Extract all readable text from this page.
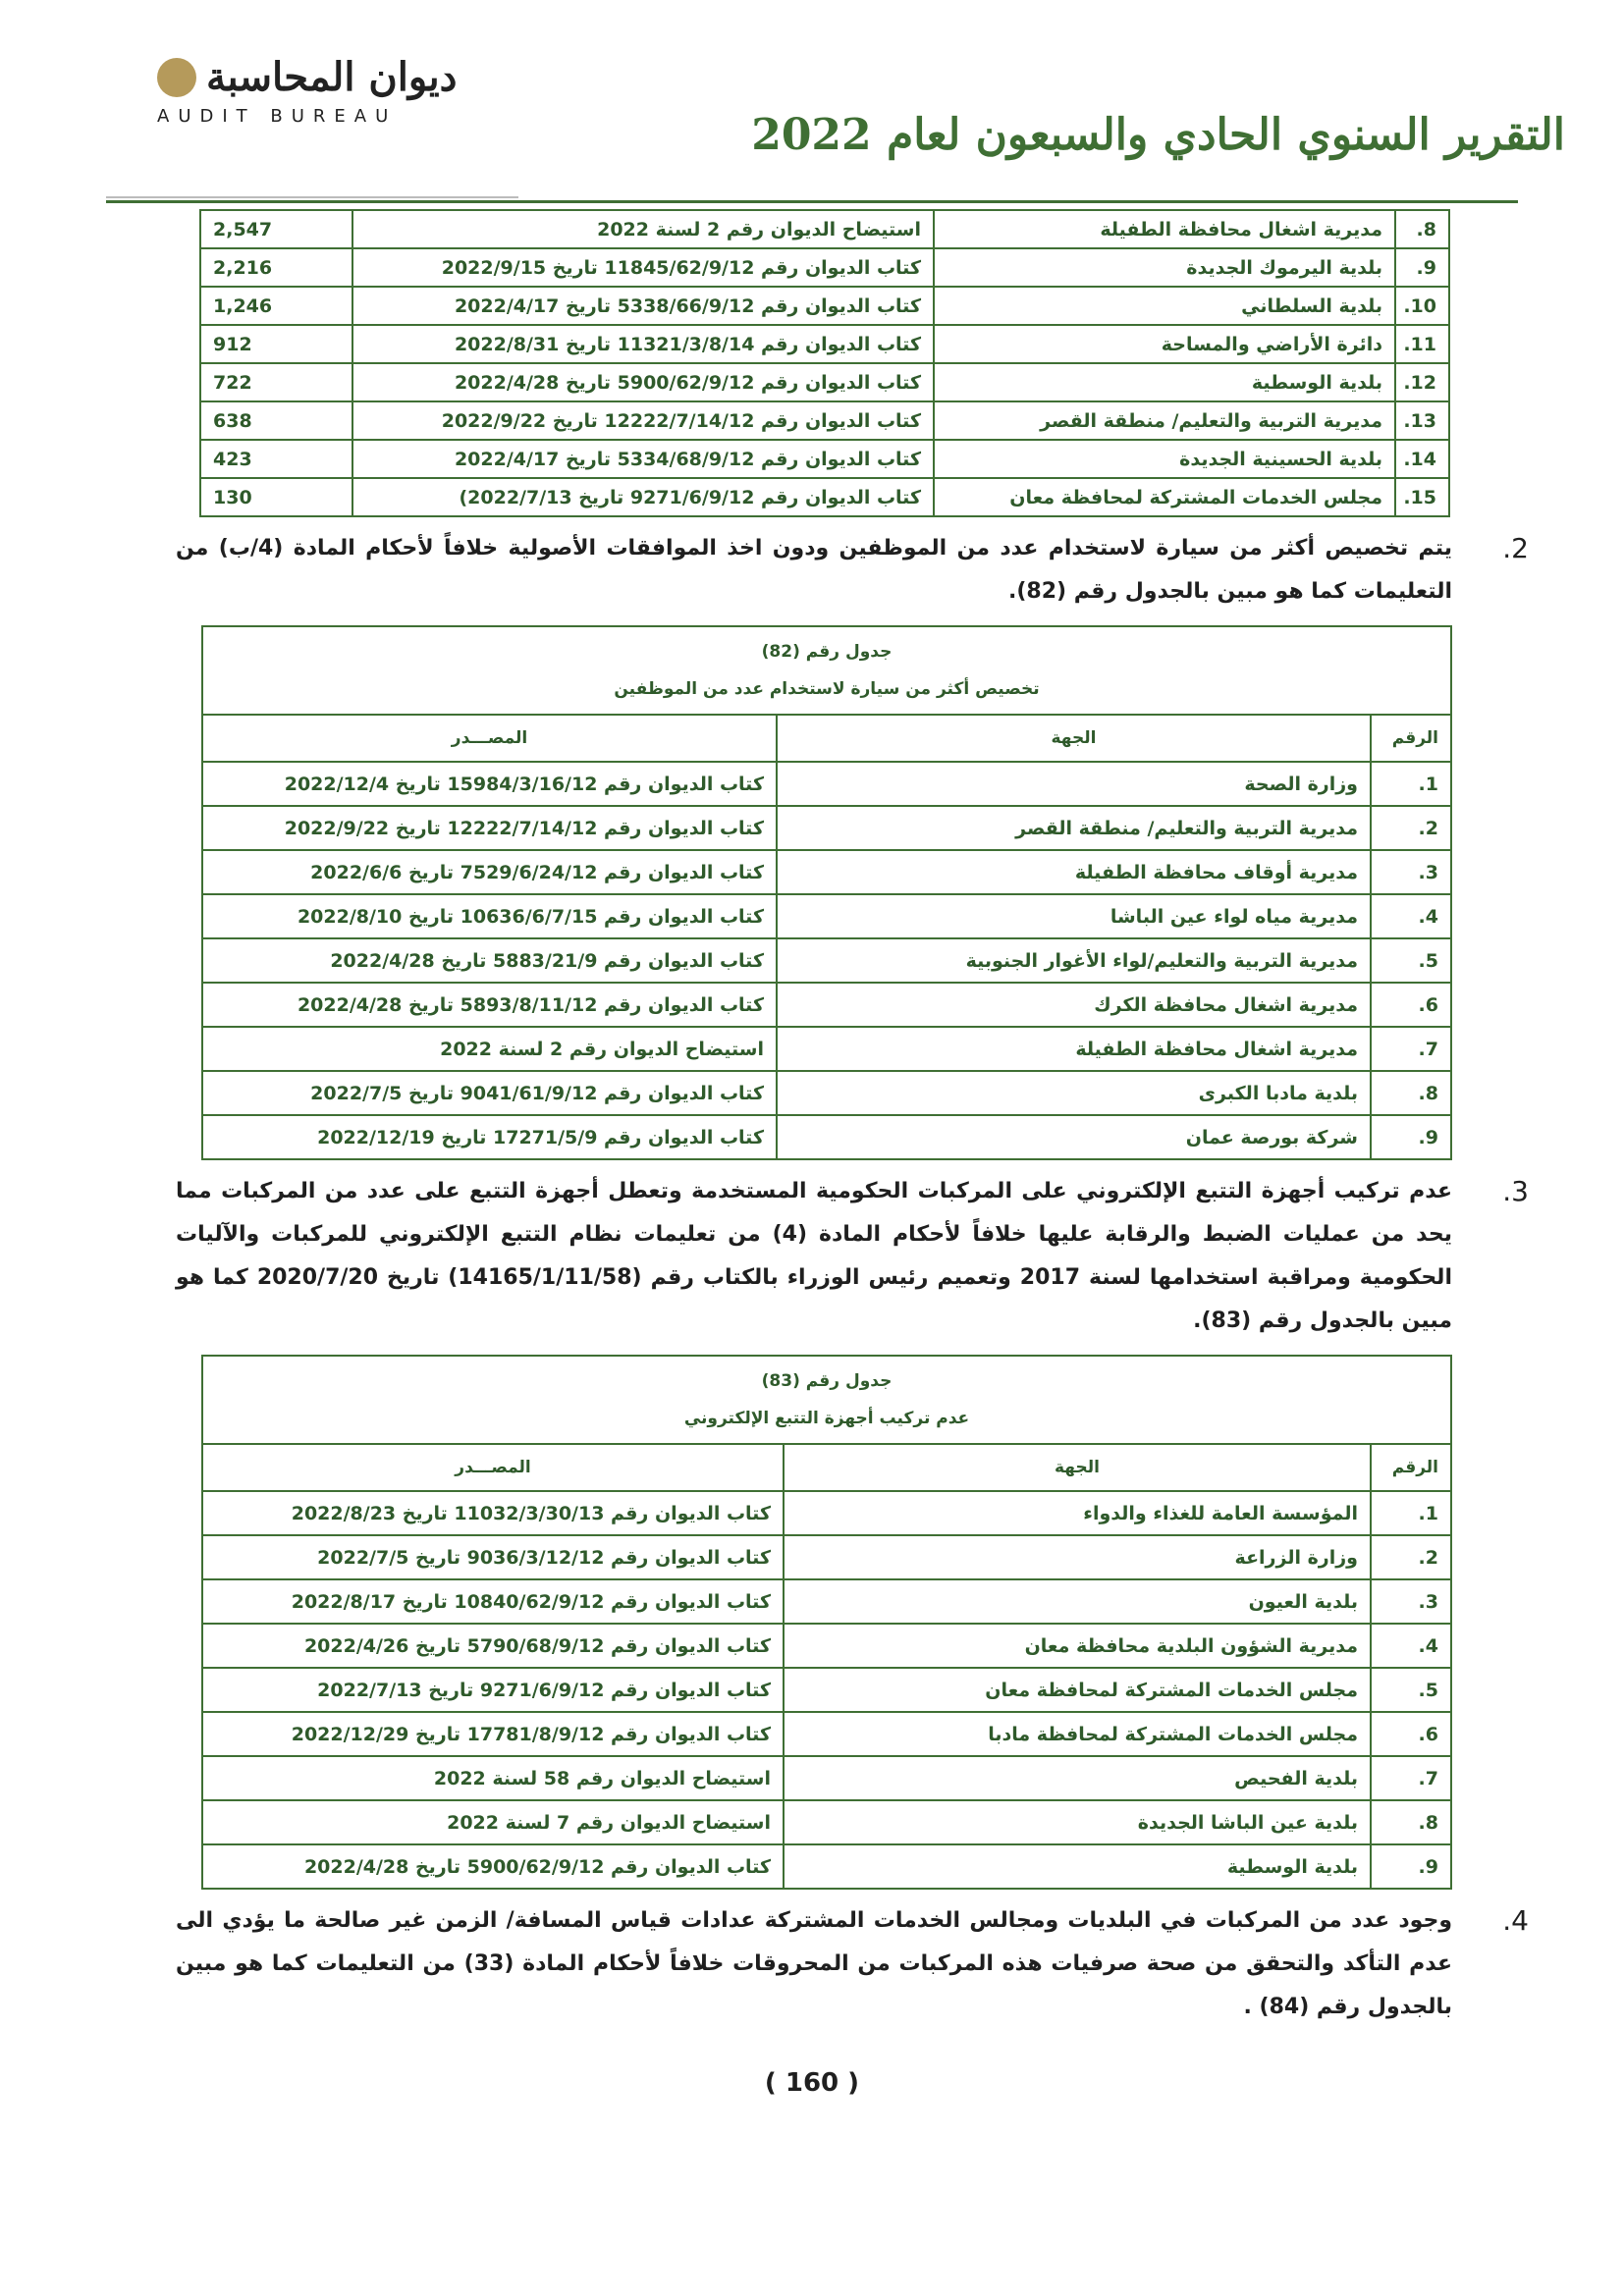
ديوان المحاسبة
AUDIT BUREAU	التقرير السنوي الحادي والسبعون لعام 2022
8.	مديرية اشغال محافظة الطفيلة	استيضاح الديوان رقم 2 لسنة 2022	2,547
9.	بلدية اليرموك الجديدة	كتاب الديوان رقم 11845/62/9/12 تاريخ 2022/9/15	2,216
10.	بلدية السلطاني	كتاب الديوان رقم 5338/66/9/12 تاريخ 2022/4/17	1,246
11.	دائرة الأراضي والمساحة	كتاب الديوان رقم 11321/3/8/14 تاريخ 2022/8/31	912
12.	بلدية الوسطية	كتاب الديوان رقم 5900/62/9/12 تاريخ 2022/4/28	722
13.	مديرية التربية والتعليم/ منطقة القصر	كتاب الديوان رقم 12222/7/14/12 تاريخ 2022/9/22	638
14.	بلدية الحسينية الجديدة	كتاب الديوان رقم 5334/68/9/12 تاريخ 2022/4/17	423
15.	مجلس الخدمات المشتركة لمحافظة معان	كتاب الديوان رقم 9271/6/9/12 تاريخ 2022/7/13)	130
2.
يتم تخصيص أكثر من سيارة لاستخدام عدد من الموظفين ودون اخذ الموافقات الأصولية خلافاً لأحكام المادة (4/ب) من التعليمات كما هو مبين بالجدول رقم (82).
جدول رقم (82)
تخصيص أكثر من سيارة لاستخدام عدد من الموظفين		

الرقم	الجهة	المصـــدر
1.	وزارة الصحة	كتاب الديوان رقم 15984/3/16/12 تاريخ 2022/12/4
2.	مديرية التربية والتعليم/ منطقة القصر	كتاب الديوان رقم 12222/7/14/12 تاريخ 2022/9/22
3.	مديرية أوقاف محافظة الطفيلة	كتاب الديوان رقم 7529/6/24/12 تاريخ 2022/6/6
4.	مديرية مياه لواء عين الباشا	كتاب الديوان رقم 10636/6/7/15 تاريخ 2022/8/10
5.	مديرية التربية والتعليم/لواء الأغوار الجنوبية	كتاب الديوان رقم 5883/21/9 تاريخ 2022/4/28
6.	مديرية اشغال محافظة الكرك	كتاب الديوان رقم 5893/8/11/12 تاريخ 2022/4/28
7.	مديرية اشغال محافظة الطفيلة	استيضاح الديوان رقم 2 لسنة 2022
8.	بلدية مادبا الكبرى	كتاب الديوان رقم 9041/61/9/12 تاريخ 2022/7/5
9.	شركة بورصة عمان	كتاب الديوان رقم 17271/5/9 تاريخ 2022/12/19
3.
عدم تركيب أجهزة التتبع الإلكتروني على المركبات الحكومية المستخدمة وتعطل أجهزة التتبع على عدد من المركبات مما يحد من عمليات الضبط والرقابة عليها خلافاً لأحكام المادة (4) من تعليمات نظام التتبع الإلكتروني للمركبات والآليات الحكومية ومراقبة استخدامها لسنة 2017 وتعميم رئيس الوزراء بالكتاب رقم (14165/1/11/58) تاريخ 2020/7/20 كما هو مبين بالجدول رقم (83).
جدول رقم (83)
عدم تركيب أجهزة التتبع الإلكتروني		

الرقم	الجهة	المصـــدر
1.	المؤسسة العامة للغذاء والدواء	كتاب الديوان رقم 11032/3/30/13 تاريخ 2022/8/23
2.	وزارة الزراعة	كتاب الديوان رقم 9036/3/12/12 تاريخ 2022/7/5
3.	بلدية العيون	كتاب الديوان رقم 10840/62/9/12 تاريخ 2022/8/17
4.	مديرية الشؤون البلدية محافظة معان	كتاب الديوان رقم 5790/68/9/12 تاريخ 2022/4/26
5.	مجلس الخدمات المشتركة لمحافظة معان	كتاب الديوان رقم 9271/6/9/12 تاريخ 2022/7/13
6.	مجلس الخدمات المشتركة لمحافظة مادبا	كتاب الديوان رقم 17781/8/9/12 تاريخ 2022/12/29
7.	بلدية الفحيص	استيضاح الديوان رقم 58 لسنة 2022
8.	بلدية عين الباشا الجديدة	استيضاح الديوان رقم 7 لسنة 2022
9.	بلدية الوسطية	كتاب الديوان رقم 5900/62/9/12 تاريخ 2022/4/28
4.
وجود عدد من المركبات في البلديات ومجالس الخدمات المشتركة عدادات قياس المسافة/ الزمن غير صالحة ما يؤدي الى عدم التأكد والتحقق من صحة صرفيات هذه المركبات من المحروقات خلافاً لأحكام المادة (33) من التعليمات كما هو مبين بالجدول رقم (84) .
( 160 )
